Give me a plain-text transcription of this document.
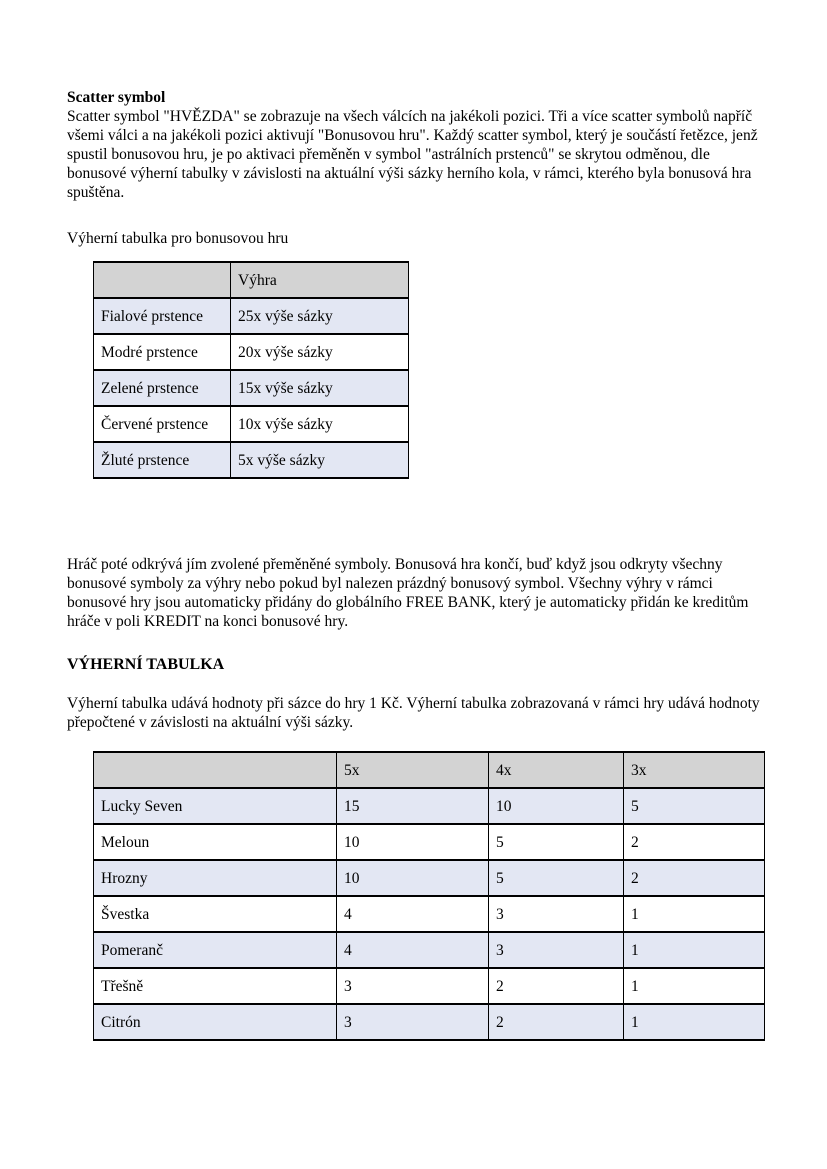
Scatter symbol
Scatter symbol "HVĚZDA" se zobrazuje na všech válcích na jakékoli pozici. Tři a více scatter symbolů napříč všemi válci a na jakékoli pozici aktivují "Bonusovou hru". Každý scatter symbol, který je součástí řetězce, jenž spustil bonusovou hru, je po aktivaci přeměněn v symbol "astrálních prstenců" se skrytou odměnou, dle bonusové výherní tabulky v závislosti na aktuální výši sázky herního kola, v rámci, kterého byla bonusová hra spuštěna.
Výherní tabulka pro bonusovou hru
	Výhra
Fialové prstence	25x výše sázky
Modré prstence	20x výše sázky
Zelené prstence	15x výše sázky
Červené prstence	10x výše sázky
Žluté prstence	5x výše sázky
Hráč poté odkrývá jím zvolené přeměněné symboly. Bonusová hra končí, buď když jsou odkryty všechny bonusové symboly za výhry nebo pokud byl nalezen prázdný bonusový symbol. Všechny výhry v rámci bonusové hry jsou automaticky přidány do globálního FREE BANK, který je automaticky přidán ke kreditům hráče v poli KREDIT na konci bonusové hry.
VÝHERNÍ TABULKA
Výherní tabulka udává hodnoty při sázce do hry 1 Kč. Výherní tabulka zobrazovaná v rámci hry udává hodnoty přepočtené v závislosti na aktuální výši sázky.
	5x	4x	3x
Lucky Seven	15	10	5
Meloun	10	5	2
Hrozny	10	5	2
Švestka	4	3	1
Pomeranč	4	3	1
Třešně	3	2	1
Citrón	3	2	1
